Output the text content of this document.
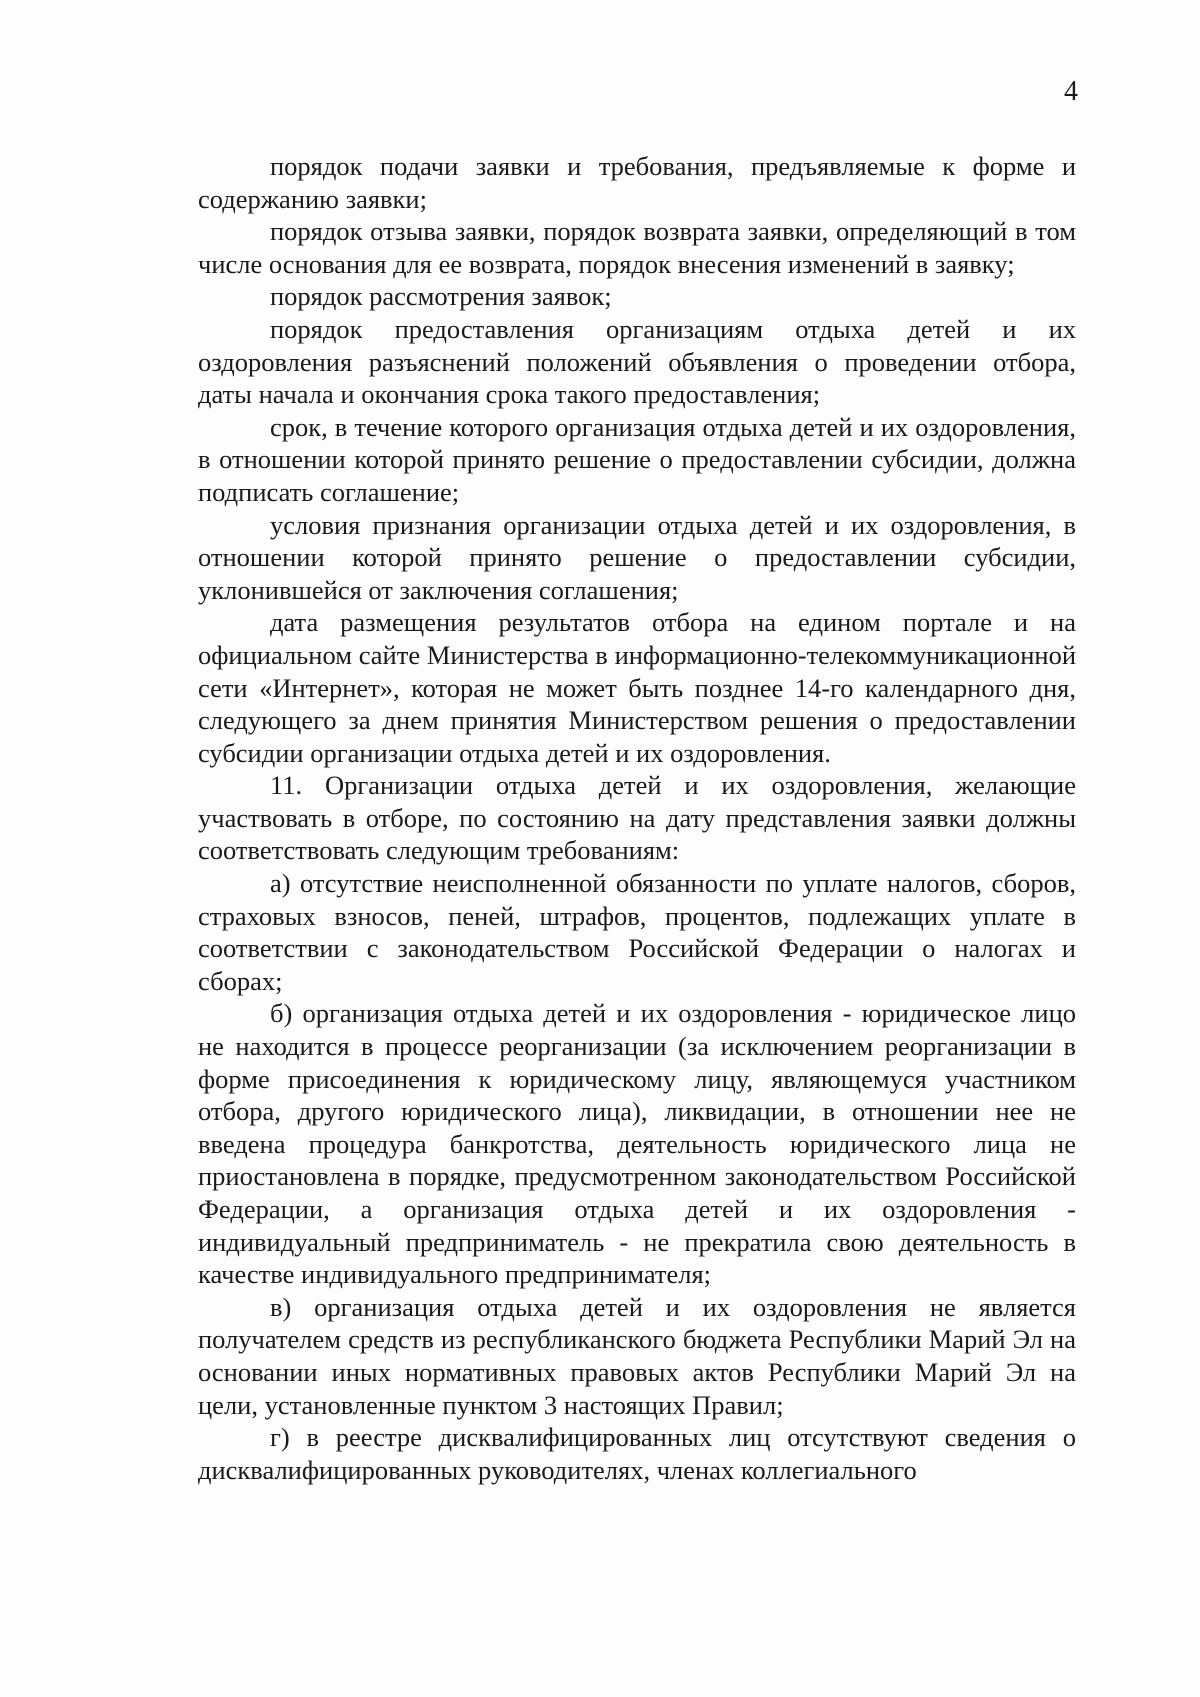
4

порядок подачи заявки и требования, предъявляемые к форме и содержанию заявки;

порядок отзыва заявки, порядок возврата заявки, определяющий в том числе основания для ее возврата, порядок внесения изменений в заявку;

порядок рассмотрения заявок;

порядок предоставления организациям отдыха детей и их оздоровления разъяснений положений объявления о проведении отбора, даты начала и окончания срока такого предоставления;

срок, в течение которого организация отдыха детей и их оздоровления, в отношении которой принято решение о предоставлении субсидии, должна подписать соглашение;

условия признания организации отдыха детей и их оздоровления, в отношении которой принято решение о предоставлении субсидии, уклонившейся от заключения соглашения;

дата размещения результатов отбора на едином портале и на официальном сайте Министерства в информационно-телекоммуникационной сети «Интернет», которая не может быть позднее 14-го календарного дня, следующего за днем принятия Министерством решения о предоставлении субсидии организации отдыха детей и их оздоровления.

11. Организации отдыха детей и их оздоровления, желающие участвовать в отборе, по состоянию на дату представления заявки должны соответствовать следующим требованиям:

а) отсутствие неисполненной обязанности по уплате налогов, сборов, страховых взносов, пеней, штрафов, процентов, подлежащих уплате в соответствии с законодательством Российской Федерации о налогах и сборах;

б) организация отдыха детей и их оздоровления - юридическое лицо не находится в процессе реорганизации (за исключением реорганизации в форме присоединения к юридическому лицу, являющемуся участником отбора, другого юридического лица), ликвидации, в отношении нее не введена процедура банкротства, деятельность юридического лица не приостановлена в порядке, предусмотренном законодательством Российской Федерации, а организация отдыха детей и их оздоровления - индивидуальный предприниматель - не прекратила свою деятельность в качестве индивидуального предпринимателя;

в) организация отдыха детей и их оздоровления не является получателем средств из республиканского бюджета Республики Марий Эл на основании иных нормативных правовых актов Республики Марий Эл на цели, установленные пунктом 3 настоящих Правил;

г) в реестре дисквалифицированных лиц отсутствуют сведения о дисквалифицированных руководителях, членах коллегиального
